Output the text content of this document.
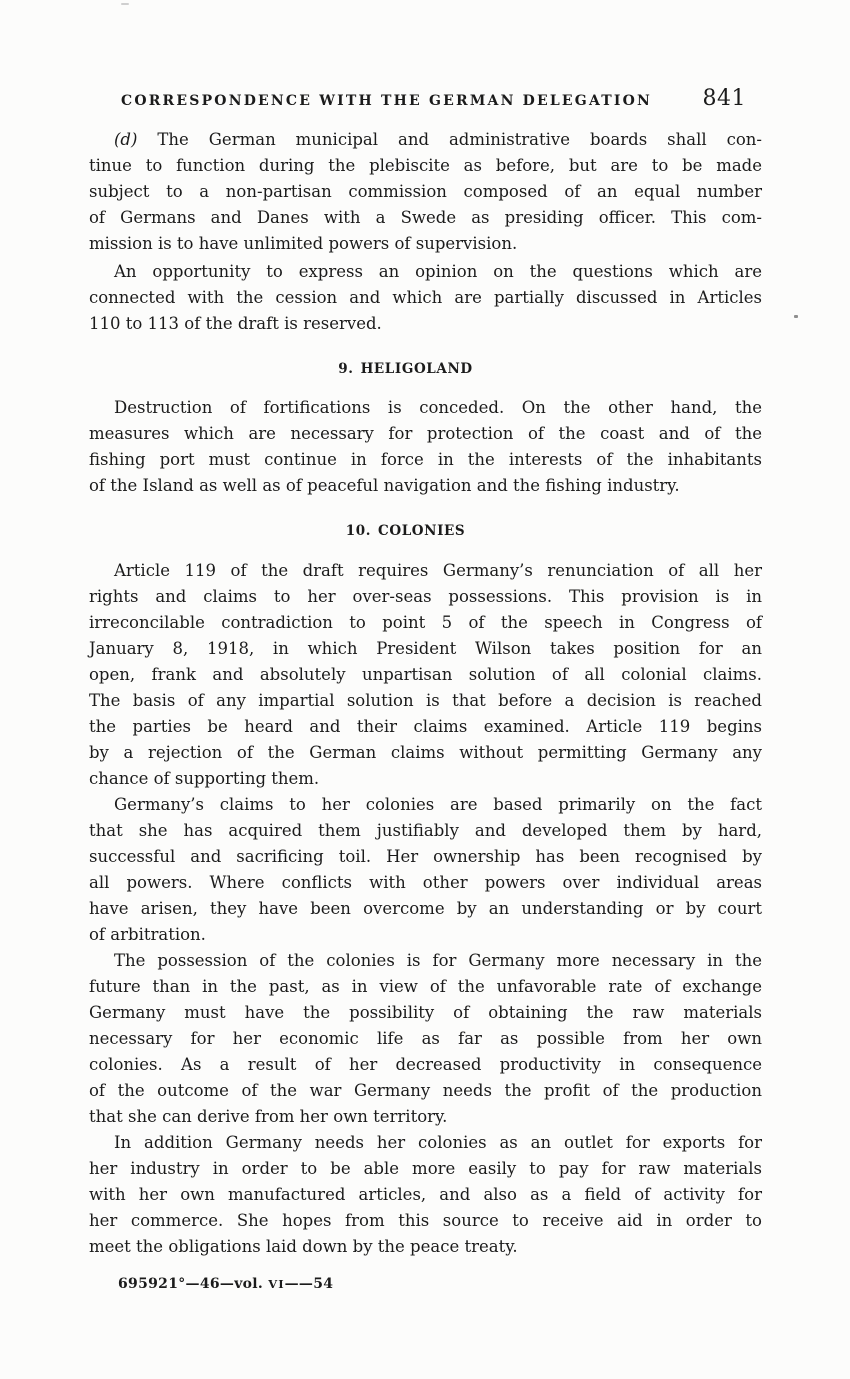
CORRESPONDENCE WITH THE GERMAN DELEGATION	841
(d) The German municipal and administrative boards shall con-
tinue to function during the plebiscite as before, but are to be made
subject to a non-partisan commission composed of an equal number
of Germans and Danes with a Swede as presiding officer. This com-
mission is to have unlimited powers of supervision.
An opportunity to express an opinion on the questions which are
connected with the cession and which are partially discussed in Articles
110 to 113 of the draft is reserved.
9. HELIGOLAND
Destruction of fortifications is conceded. On the other hand, the
measures which are necessary for protection of the coast and of the
fishing port must continue in force in the interests of the inhabitants
of the Island as well as of peaceful navigation and the fishing industry.
10. COLONIES
Article 119 of the draft requires Germany’s renunciation of all her
rights and claims to her over-seas possessions. This provision is in
irreconcilable contradiction to point 5 of the speech in Congress of
January 8, 1918, in which President Wilson takes position for an
open, frank and absolutely unpartisan solution of all colonial claims.
The basis of any impartial solution is that before a decision is reached
the parties be heard and their claims examined. Article 119 begins
by a rejection of the German claims without permitting Germany any
chance of supporting them.
Germany’s claims to her colonies are based primarily on the fact
that she has acquired them justifiably and developed them by hard,
successful and sacrificing toil. Her ownership has been recognised by
all powers. Where conflicts with other powers over individual areas
have arisen, they have been overcome by an understanding or by court
of arbitration.
The possession of the colonies is for Germany more necessary in the
future than in the past, as in view of the unfavorable rate of exchange
Germany must have the possibility of obtaining the raw materials
necessary for her economic life as far as possible from her own
colonies. As a result of her decreased productivity in consequence
of the outcome of the war Germany needs the profit of the production
that she can derive from her own territory.
In addition Germany needs her colonies as an outlet for exports for
her industry in order to be able more easily to pay for raw materials
with her own manufactured articles, and also as a field of activity for
her commerce. She hopes from this source to receive aid in order to
meet the obligations laid down by the peace treaty.
695921°—46—vol. VI——54
